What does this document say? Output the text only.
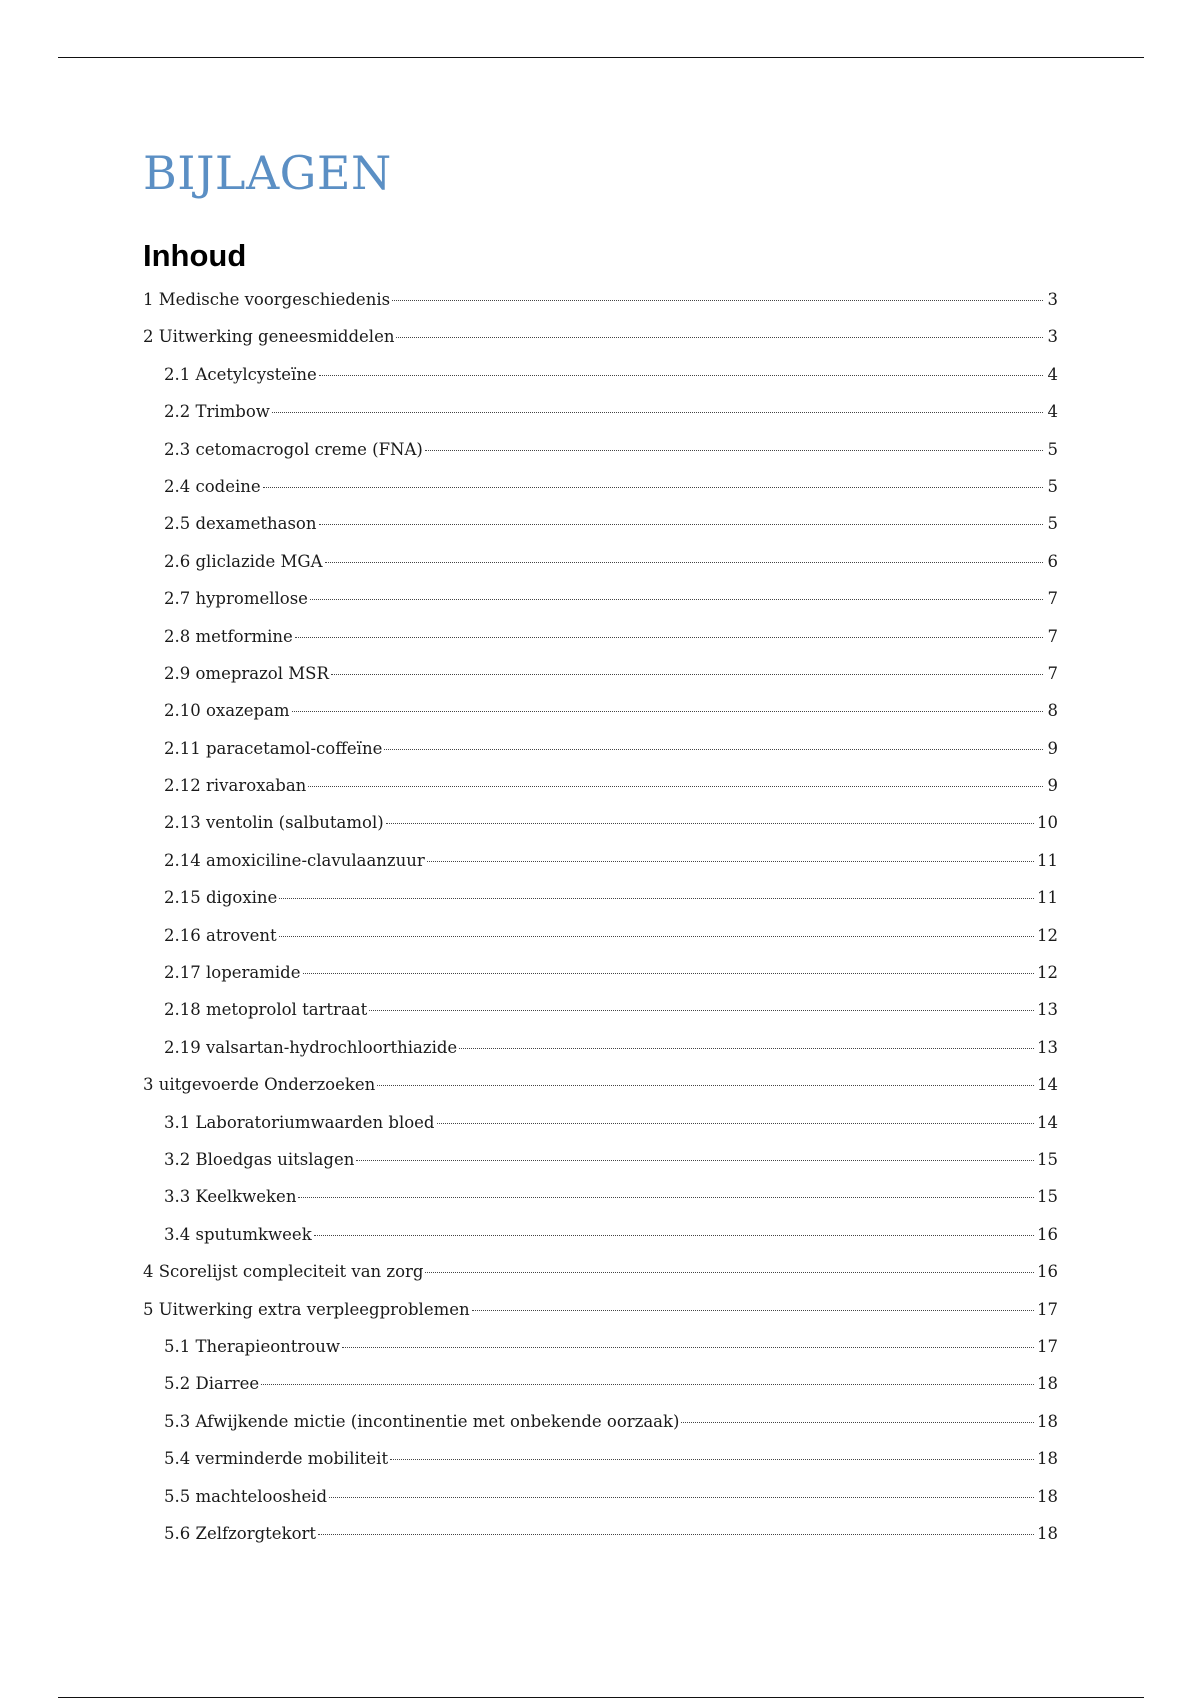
BIJLAGEN
Inhoud
1 Medische voorgeschiedenis	3
2 Uitwerking geneesmiddelen	3
2.1 Acetylcysteïne	4
2.2 Trimbow	4
2.3 cetomacrogol creme (FNA)	5
2.4 codeine	5
2.5 dexamethason	5
2.6 gliclazide MGA	6
2.7 hypromellose	7
2.8 metformine	7
2.9 omeprazol MSR	7
2.10 oxazepam	8
2.11 paracetamol-coffeïne	9
2.12 rivaroxaban	9
2.13 ventolin (salbutamol)	10
2.14 amoxiciline-clavulaanzuur	11
2.15 digoxine	11
2.16 atrovent	12
2.17 loperamide	12
2.18 metoprolol tartraat	13
2.19 valsartan-hydrochloorthiazide	13
3 uitgevoerde Onderzoeken	14
3.1 Laboratoriumwaarden bloed	14
3.2 Bloedgas uitslagen	15
3.3 Keelkweken	15
3.4 sputumkweek	16
4 Scorelijst compleciteit van zorg	16
5 Uitwerking extra verpleegproblemen	17
5.1 Therapieontrouw	17
5.2 Diarree	18
5.3 Afwijkende mictie (incontinentie met onbekende oorzaak)	18
5.4 verminderde mobiliteit	18
5.5 machteloosheid	18
5.6 Zelfzorgtekort	18
